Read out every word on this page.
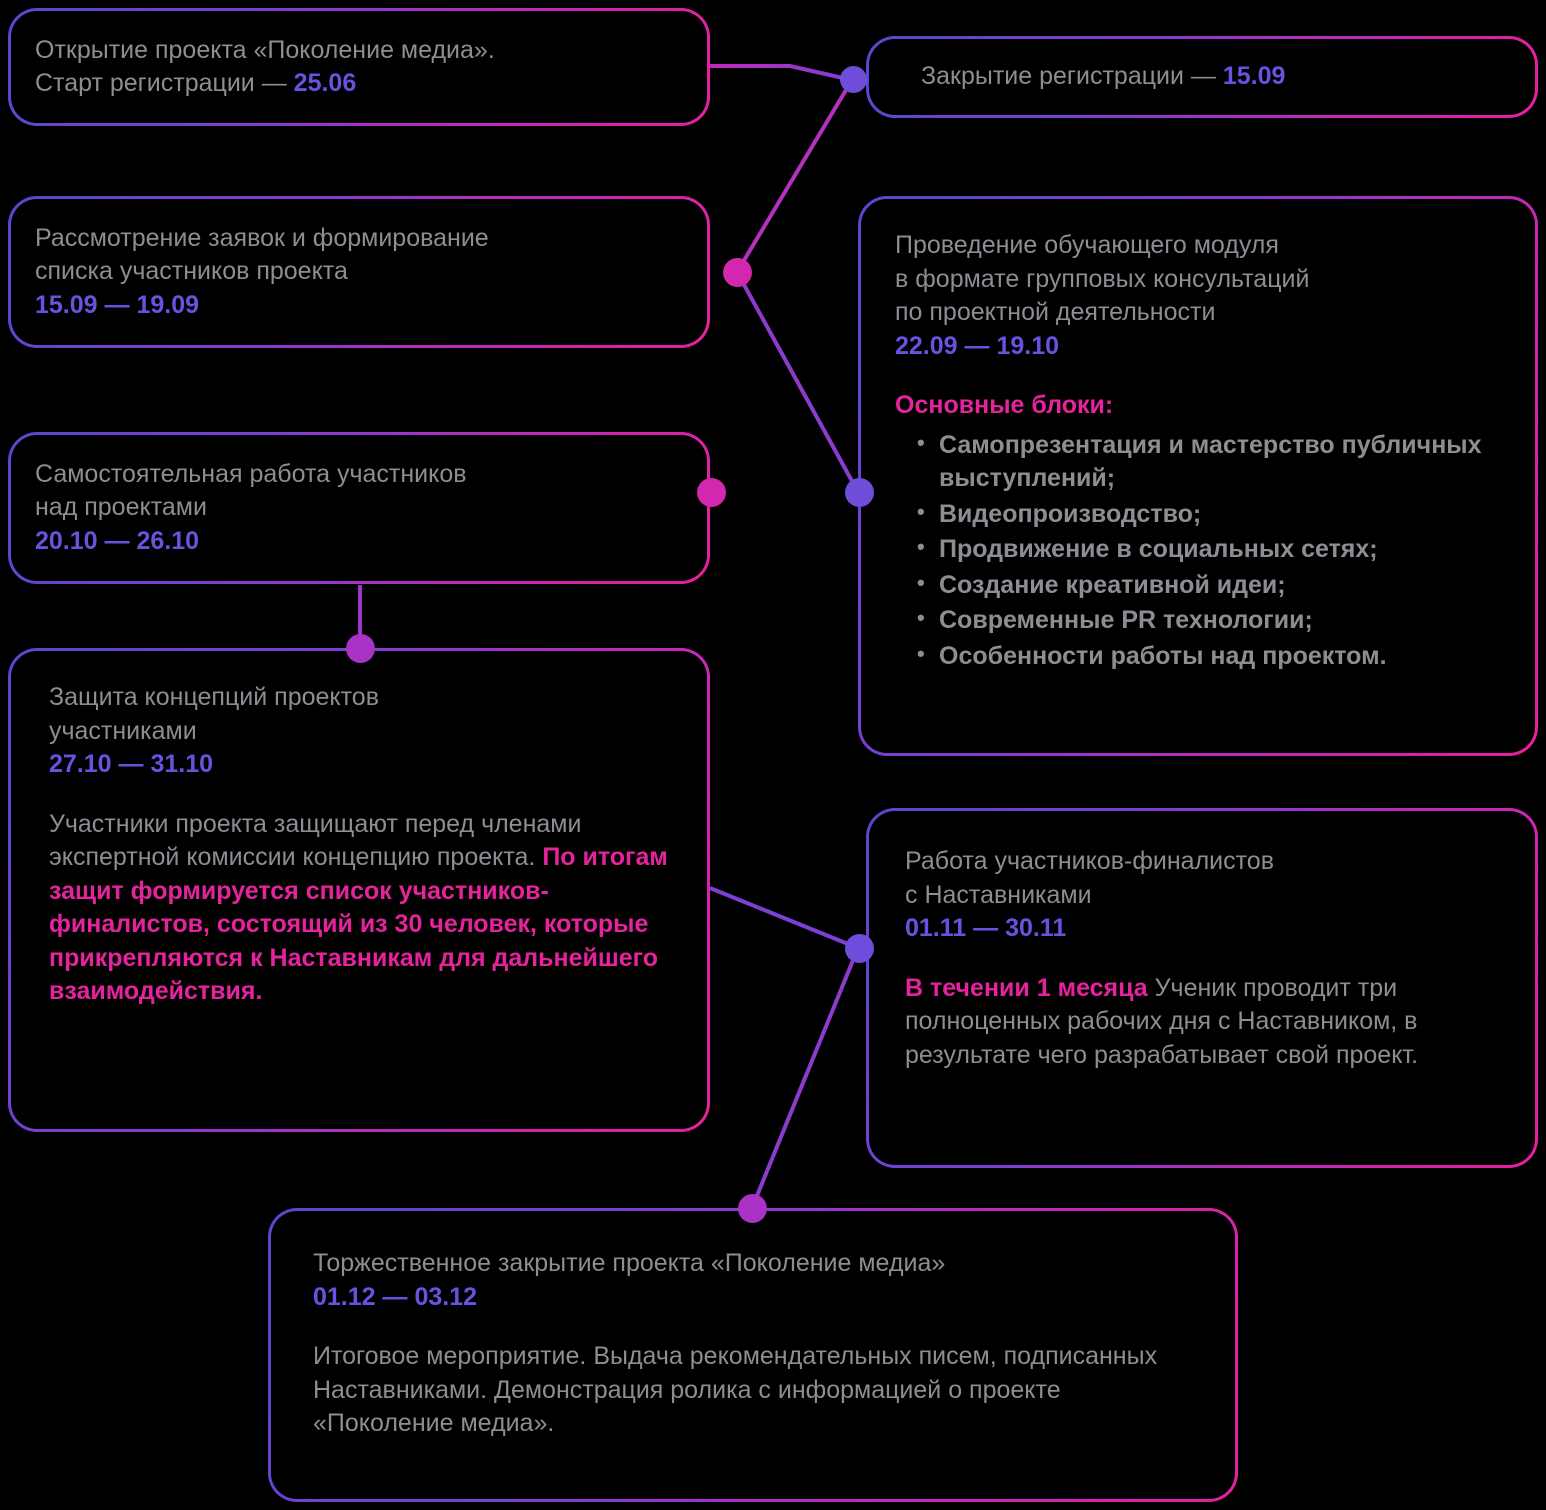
Открытие проекта «Поколение медиа».
Старт регистрации — 25.06	Закрытие регистрации — 15.09
Рассмотрение заявок и формирование
списка участников проекта
15.09 — 19.09
Проведение обучающего модуля
в формате групповых консультаций
по проектной деятельности
22.09 — 19.10
Основные блоки:
• Самопрезентация и мастерство публичных выступлений;
• Видеопроизводство;
• Продвижение в социальных сетях;
• Создание креативной идеи;
• Современные PR технологии;
• Особенности работы над проектом.
Самостоятельная работа участников
над проектами
20.10 — 26.10
Защита концепций проектов
участниками
27.10 — 31.10
Участники проекта защищают перед членами экспертной комиссии концепцию проекта. По итогам защит формируется список участников-финалистов, состоящий из 30 человек, которые прикрепляются к Наставникам для дальнейшего взаимодействия.
Работа участников-финалистов
с Наставниками
01.11 — 30.11
В течении 1 месяца Ученик проводит три полноценных рабочих дня с Наставником, в результате чего разрабатывает свой проект.
Торжественное закрытие проекта «Поколение медиа»
01.12 — 03.12
Итоговое мероприятие. Выдача рекомендательных писем, подписанных Наставниками. Демонстрация ролика с информацией о проекте «Поколение медиа».
